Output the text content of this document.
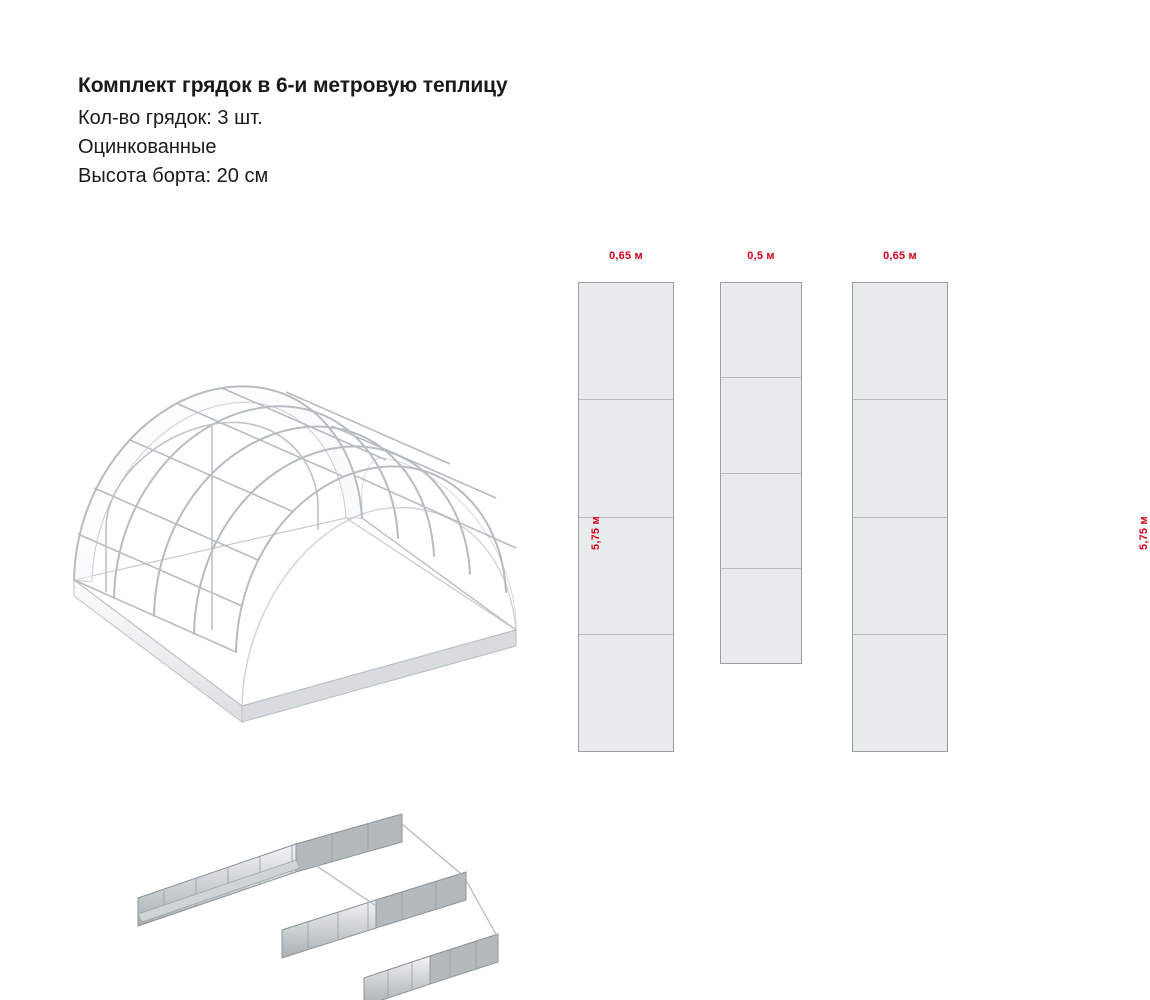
Комплект грядок в 6-и метровую теплицу

Кол-во грядок: 3 шт.

Оцинкованные

Высота борта: 20 см

0,65 м
5,75 м
0,5 м	0,65 м
5,75 м
